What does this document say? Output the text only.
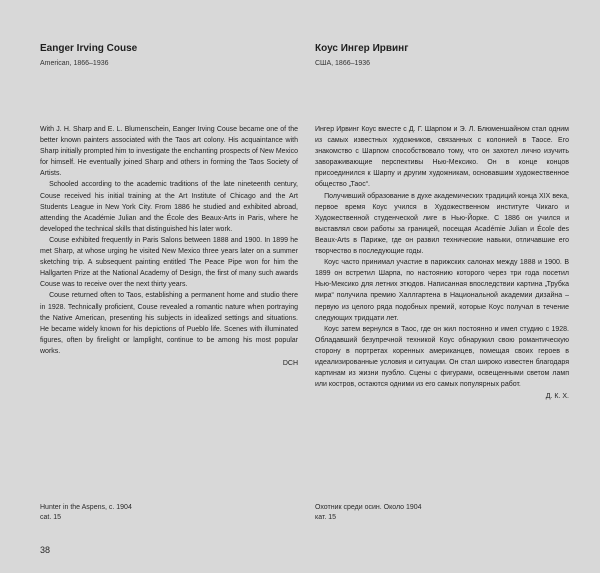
Eanger Irving Couse
American, 1866–1936

With J. H. Sharp and E. L. Blumenschein, Eanger Irving Couse became one of the better known painters associated with the Taos art colony. His acquaintance with Sharp initially prompted him to investigate the enchanting prospects of New Mexico for himself. He eventually joined Sharp and others in forming the Taos Society of Artists.

Schooled according to the academic traditions of the late nineteenth century, Couse received his initial training at the Art Institute of Chicago and the Art Students League in New York City. From 1886 he studied and exhibited abroad, attending the Académie Julian and the École des Beaux-Arts in Paris, where he developed the technical skills that distinguished his later work.

Couse exhibited frequently in Paris Salons between 1888 and 1900. In 1899 he met Sharp, at whose urging he visited New Mexico three years later on a summer sketching trip. A subsequent painting entitled The Peace Pipe won for him the Hallgarten Prize at the National Academy of Design, the first of many such awards Couse was to receive over the next thirty years.

Couse returned often to Taos, establishing a permanent home and studio there in 1928. Technically proficient, Couse revealed a romantic nature when portraying the Native American, presenting his subjects in idealized settings and situations. He became widely known for his depictions of Pueblo life. Scenes with illuminated figures, often by firelight or lamplight, continue to be among his most popular works.

DCH
Hunter in the Aspens, c. 1904
cat. 15
Коус Ингер Ирвинг
США, 1866–1936

Ингер Ирвинг Коус вместе с Д. Г. Шарпом и Э. Л. Блюменшайном стал одним из самых известных художников, связанных с колонией в Таосе. Его знакомство с Шарпом способствовало тому, что он захотел лично изучить завораживающие перспективы Нью-Мексико. Он в конце концов присоединился к Шарпу и другим художникам, основавшим художественное общество „Таос“.

Получивший образование в духе академических традиций конца XIX века, первое время Коус учился в Художественном институте Чикаго и Художественной студенческой лиге в Нью-Йорке. С 1886 он учился и выставлял свои работы за границей, посещая Académie Julian и École des Beaux-Arts в Париже, где он развил технические навыки, отличавшие его творчество в последующие годы.

Коус часто принимал участие в парижских салонах между 1888 и 1900. В 1899 он встретил Шарпа, по настоянию которого через три года посетил Нью-Мексико для летних этюдов. Написанная впоследствии картина „Трубка мира“ получила премию Халлгартена в Национальной академии дизайна – первую из целого ряда подобных премий, которые Коус получал в течение следующих тридцати лет.

Коус затем вернулся в Таос, где он жил постоянно и имел студию с 1928. Обладавший безупречной техникой Коус обнаружил свою романтическую сторону в портретах коренных американцев, помещая своих героев в идеализированные условия и ситуации. Он стал широко известен благодаря картинам из жизни пуэбло. Сцены с фигурами, освещенными светом ламп или костров, остаются одними из его самых популярных работ.

Д. К. Х.
Охотник среди осин. Около 1904
кат. 15
38
